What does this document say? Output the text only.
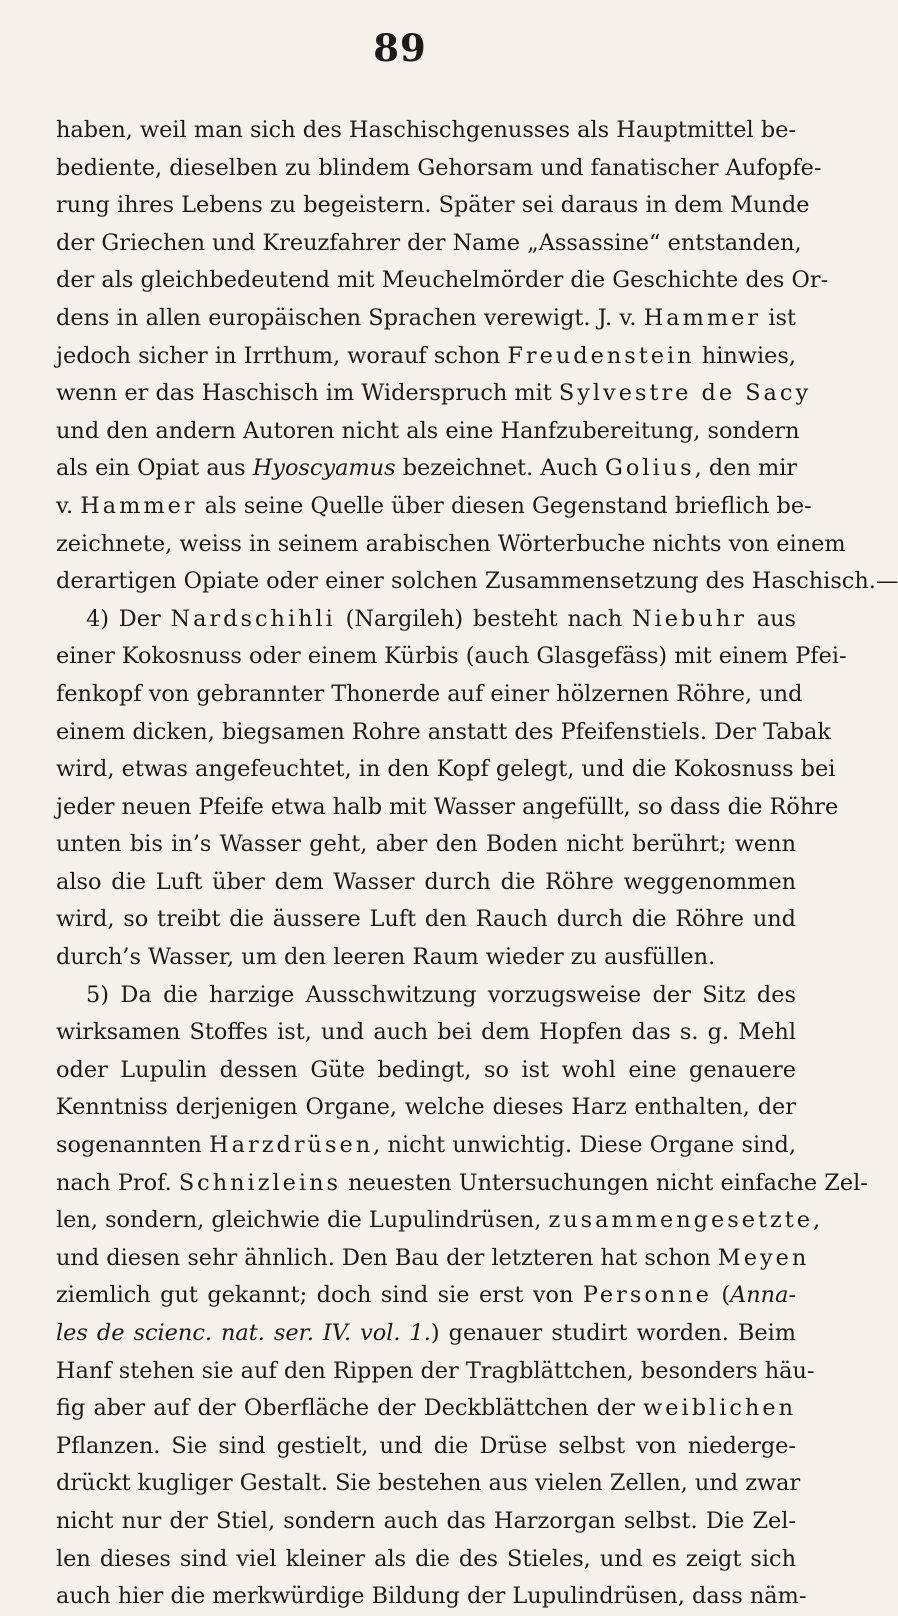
89
haben, weil man sich des Haschischgenusses als Hauptmittel be-
bediente, dieselben zu blindem Gehorsam und fanatischer Aufopfe-
rung ihres Lebens zu begeistern. Später sei daraus in dem Munde
der Griechen und Kreuzfahrer der Name „Assassine“ entstanden,
der als gleichbedeutend mit Meuchelmörder die Geschichte des Or-
dens in allen europäischen Sprachen verewigt. J. v. Hammer ist
jedoch sicher in Irrthum, worauf schon Freudenstein hinwies,
wenn er das Haschisch im Widerspruch mit Sylvestre de Sacy
und den andern Autoren nicht als eine Hanfzubereitung, sondern
als ein Opiat aus Hyoscyamus bezeichnet. Auch Golius, den mir
v. Hammer als seine Quelle über diesen Gegenstand brieflich be-
zeichnete, weiss in seinem arabischen Wörterbuche nichts von einem
derartigen Opiate oder einer solchen Zusammensetzung des Haschisch.—
4) Der Nardschihli (Nargileh) besteht nach Niebuhr aus
einer Kokosnuss oder einem Kürbis (auch Glasgefäss) mit einem Pfei-
fenkopf von gebrannter Thonerde auf einer hölzernen Röhre, und
einem dicken, biegsamen Rohre anstatt des Pfeifenstiels. Der Tabak
wird, etwas angefeuchtet, in den Kopf gelegt, und die Kokosnuss bei
jeder neuen Pfeife etwa halb mit Wasser angefüllt, so dass die Röhre
unten bis in’s Wasser geht, aber den Boden nicht berührt; wenn
also die Luft über dem Wasser durch die Röhre weggenommen
wird, so treibt die äussere Luft den Rauch durch die Röhre und
durch’s Wasser, um den leeren Raum wieder zu ausfüllen.
5) Da die harzige Ausschwitzung vorzugsweise der Sitz des
wirksamen Stoffes ist, und auch bei dem Hopfen das s. g. Mehl
oder Lupulin dessen Güte bedingt, so ist wohl eine genauere
Kenntniss derjenigen Organe, welche dieses Harz enthalten, der
sogenannten Harzdrüsen, nicht unwichtig. Diese Organe sind,
nach Prof. Schnizleins neuesten Untersuchungen nicht einfache Zel-
len, sondern, gleichwie die Lupulindrüsen, zusammengesetzte,
und diesen sehr ähnlich. Den Bau der letzteren hat schon Meyen
ziemlich gut gekannt; doch sind sie erst von Personne (Anna-
les de scienc. nat. ser. IV. vol. 1.) genauer studirt worden. Beim
Hanf stehen sie auf den Rippen der Tragblättchen, besonders häu-
fig aber auf der Oberfläche der Deckblättchen der weiblichen
Pflanzen. Sie sind gestielt, und die Drüse selbst von niederge-
drückt kugliger Gestalt. Sie bestehen aus vielen Zellen, und zwar
nicht nur der Stiel, sondern auch das Harzorgan selbst. Die Zel-
len dieses sind viel kleiner als die des Stieles, und es zeigt sich
auch hier die merkwürdige Bildung der Lupulindrüsen, dass näm-
